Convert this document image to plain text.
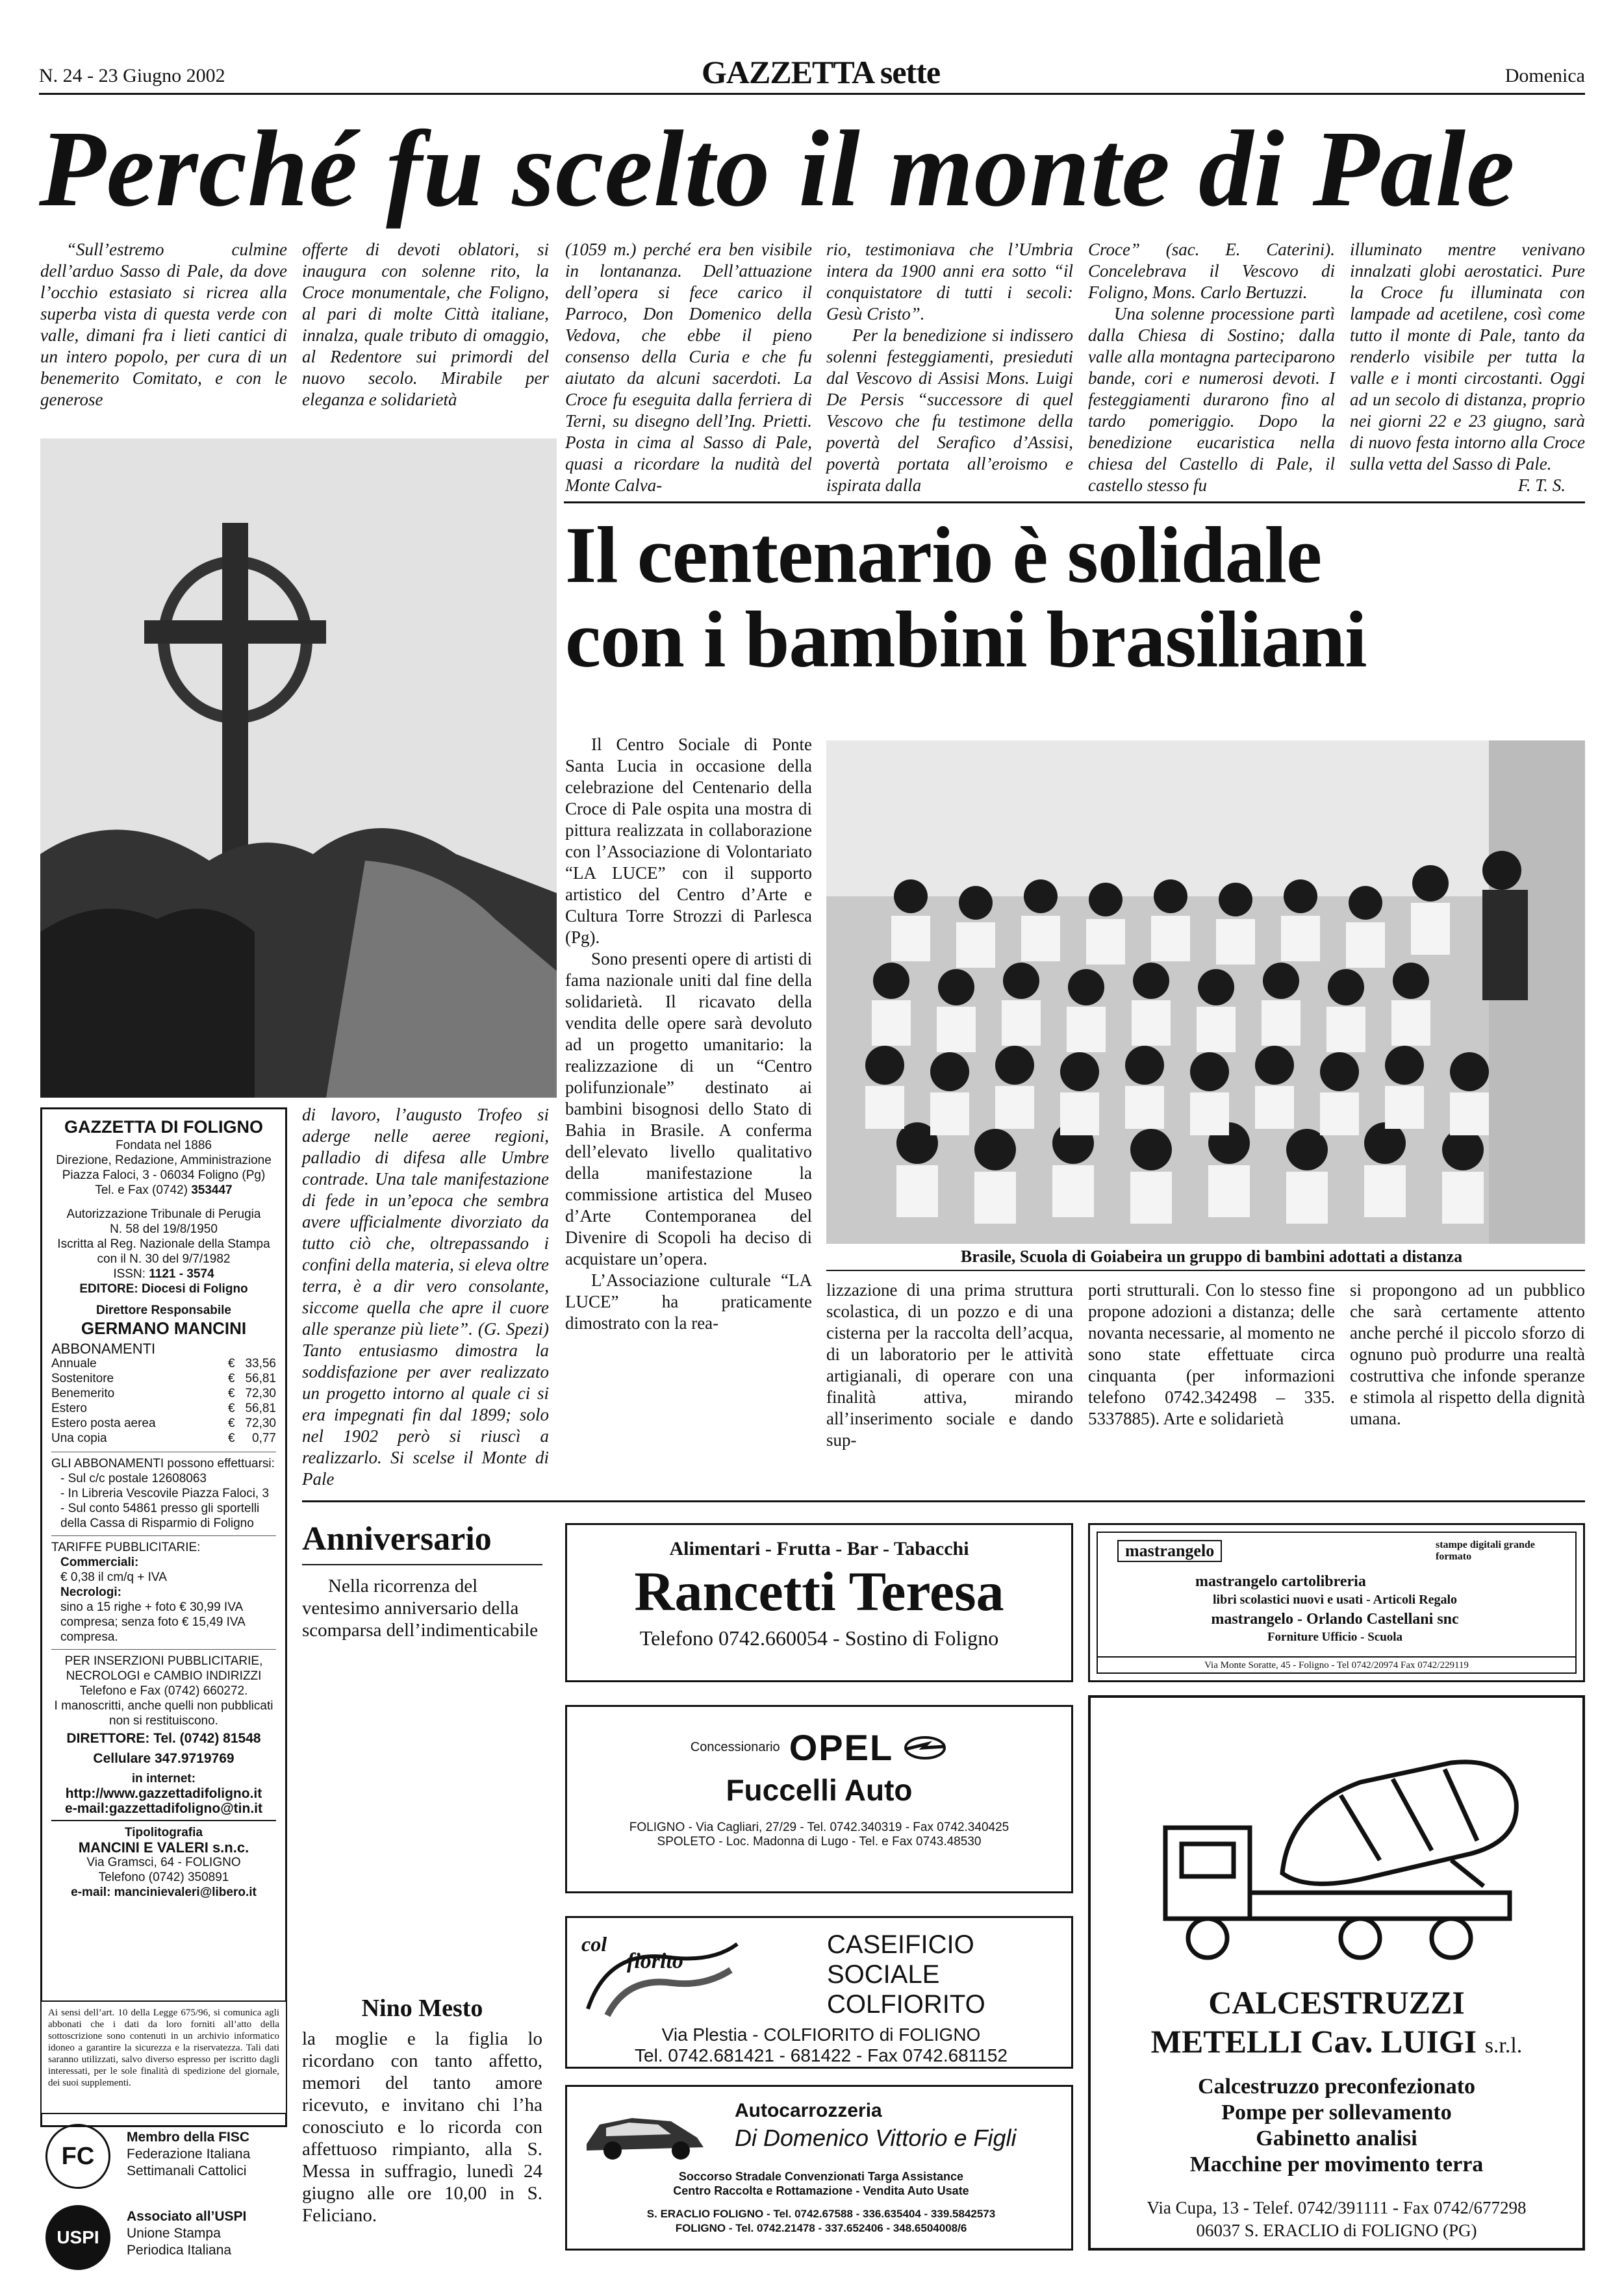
N. 24 - 23 Giugno 2002	GAZZETTA sette	Domenica
Perché fu scelto il monte di Pale
“Sull’estremo culmine dell’arduo Sasso di Pale, da dove l’occhio estasiato si ricrea alla superba vista di questa verde con valle, dimani fra i lieti cantici di un intero popolo, per cura di un benemerito Comitato, e con le generose
offerte di devoti oblatori, si inaugura con solenne rito, la Croce monumentale, che Foligno, al pari di molte Città italiane, innalza, quale tributo di omaggio, al Redentore sui primordi del nuovo secolo. Mirabile per eleganza e solidarietà
(1059 m.) perché era ben visibile in lontananza. Dell’attuazione dell’opera si fece carico il Parroco, Don Domenico della Vedova, che ebbe il pieno consenso della Curia e che fu aiutato da alcuni sacerdoti. La Croce fu eseguita dalla ferriera di Terni, su disegno dell’Ing. Prietti. Posta in cima al Sasso di Pale, quasi a ricordare la nudità del Monte Calva-
rio, testimoniava che l’Umbria intera da 1900 anni era sotto “il conquistatore di tutti i secoli: Gesù Cristo”.

Per la benedizione si indissero solenni festeggiamenti, presieduti dal Vescovo di Assisi Mons. Luigi De Persis “successore di quel Vescovo che fu testimone della povertà del Serafico d’Assisi, povertà portata all’eroismo e ispirata dalla
Croce” (sac. E. Caterini). Concelebrava il Vescovo di Foligno, Mons. Carlo Bertuzzi.

Una solenne processione partì dalla Chiesa di Sostino; dalla valle alla montagna parteciparono bande, cori e numerosi devoti. I festeggiamenti durarono fino al tardo pomeriggio. Dopo la benedizione eucaristica nella chiesa del Castello di Pale, il castello stesso fu
illuminato mentre venivano innalzati globi aerostatici. Pure la Croce fu illuminata con lampade ad acetilene, così come tutto il monte di Pale, tanto da renderlo visibile per tutta la valle e i monti circostanti. Oggi ad un secolo di distanza, proprio nei giorni 22 e 23 giugno, sarà di nuovo festa intorno alla Croce sulla vetta del Sasso di Pale.
F. T. S.
Il centenario è solidale
con i bambini brasiliani
Il Centro Sociale di Ponte Santa Lucia in occasione della celebrazione del Centenario della Croce di Pale ospita una mostra di pittura realizzata in collaborazione con l’Associazione di Volontariato “LA LUCE” con il supporto artistico del Centro d’Arte e Cultura Torre Strozzi di Parlesca (Pg).
Sono presenti opere di artisti di fama nazionale uniti dal fine della solidarietà. Il ricavato della vendita delle opere sarà devoluto ad un progetto umanitario: la realizzazione di un “Centro polifunzionale” destinato ai bambini bisognosi dello Stato di Bahia in Brasile. A conferma dell’elevato livello qualitativo della manifestazione la commissione artistica del Museo d’Arte Contemporanea del Divenire di Scopoli ha deciso di acquistare un’opera.
L’Associazione culturale “LA LUCE” ha praticamente dimostrato con la rea-
Brasile, Scuola di Goiabeira un gruppo di bambini adottati a distanza
lizzazione di una prima struttura scolastica, di un pozzo e di una cisterna per la raccolta dell’acqua, di un laboratorio per le attività artigianali, di operare con una finalità attiva, mirando all’inserimento sociale e dando sup-
porti strutturali. Con lo stesso fine propone adozioni a distanza; delle novanta necessarie, al momento ne sono state effettuate circa cinquanta (per informazioni telefono 0742.342498 – 335. 5337885). Arte e solidarietà
si propongono ad un pubblico che sarà certamente attento anche perché il piccolo sforzo di ognuno può produrre una realtà costruttiva che infonde speranze e stimola al rispetto della dignità umana.
di lavoro, l’augusto Trofeo si aderge nelle aeree regioni, palladio di difesa alle Umbre contrade. Una tale manifestazione di fede in un’epoca che sembra avere ufficialmente divorziato da tutto ciò che, oltrepassando i confini della materia, si eleva oltre terra, è a dir vero consolante, siccome quella che apre il cuore alle speranze più liete”. (G. Spezi) Tanto entusiasmo dimostra la soddisfazione per aver realizzato un progetto intorno al quale ci si era impegnati fin dal 1899; solo nel 1902 però si riuscì a realizzarlo. Si scelse il Monte di Pale
GAZZETTA DI FOLIGNO
Fondata nel 1886
Direzione, Redazione, Amministrazione
Piazza Faloci, 3 - 06034 Foligno (Pg)
Tel. e Fax (0742) 353447
Autorizzazione Tribunale di Perugia
N. 58 del 19/8/1950
Iscritta al Reg. Nazionale della Stampa
con il N. 30 del 9/7/1982
ISSN: 1121 - 3574
EDITORE: Diocesi di Foligno
Direttore Responsabile
GERMANO MANCINI
ABBONAMENTI
Annuale	€   33,56
Sostenitore	€   56,81
Benemerito	€   72,30
Estero	€   56,81
Estero posta aerea	€   72,30
Una copia	€     0,77
GLI ABBONAMENTI possono effettuarsi:
- Sul c/c postale 12608063
- In Libreria Vescovile Piazza Faloci, 3
- Sul conto 54861 presso gli sportelli della Cassa di Risparmio di Foligno
TARIFFE PUBBLICITARIE:
Commerciali:
€ 0,38 il cm/q + IVA
Necrologi:
sino a 15 righe + foto € 30,99 IVA compresa; senza foto € 15,49 IVA compresa.
PER INSERZIONI PUBBLICITARIE, NECROLOGI e CAMBIO INDIRIZZI
Telefono e Fax (0742) 660272.
I manoscritti, anche quelli non pubblicati non si restituiscono.
DIRETTORE: Tel. (0742) 81548
Cellulare 347.9719769
in internet:
http://www.gazzettadifoligno.it
e-mail:gazzettadifoligno@tin.it
Tipolitografia
MANCINI E VALERI s.n.c.
Via Gramsci, 64 - FOLIGNO
Telefono (0742) 350891
e-mail: mancinievaleri@libero.it
Ai sensi dell’art. 10 della Legge 675/96, si comunica agli abbonati che i dati da loro forniti all’atto della sottoscrizione sono contenuti in un archivio informatico idoneo a garantire la sicurezza e la riservatezza. Tali dati saranno utilizzati, salvo diverso espresso per iscritto dagli interessati, per le sole finalità di spedizione del giornale, dei suoi supplementi.
FC
Membro della FISC
Federazione Italiana
Settimanali Cattolici
USPI
Associato all’USPI
Unione Stampa
Periodica Italiana
Anniversario
Nella ricorrenza del ventesimo anniversario della scomparsa dell’indimenticabile
Nino Mesto
la moglie e la figlia lo ricordano con tanto affetto, memori del tanto amore ricevuto, e invitano chi l’ha conosciuto e lo ricorda con affettuoso rimpianto, alla S. Messa in suffragio, lunedì 24 giugno alle ore 10,00 in S. Feliciano.
Alimentari - Frutta - Bar - Tabacchi
Rancetti Teresa
Telefono 0742.660054 - Sostino di Foligno
Concessionario OPEL
Fuccelli Auto
FOLIGNO - Via Cagliari, 27/29 - Tel. 0742.340319 - Fax 0742.340425
SPOLETO - Loc. Madonna di Lugo - Tel. e Fax 0743.48530
col
fiorito
CASEIFICIO
SOCIALE
COLFIORITO
Via Plestia - COLFIORITO di FOLIGNO
Tel. 0742.681421 - 681422 - Fax 0742.681152
Autocarrozzeria
Di Domenico Vittorio e Figli
Soccorso Stradale Convenzionati Targa Assistance
Centro Raccolta e Rottamazione - Vendita Auto Usate
S. ERACLIO FOLIGNO - Tel. 0742.67588 - 336.635404 - 339.5842573
FOLIGNO - Tel. 0742.21478 - 337.652406 - 348.6504008/6
mastrangelo	stampe digitali grande formato
mastrangelo cartolibreria
libri scolastici nuovi e usati - Articoli Regalo
mastrangelo - Orlando Castellani snc
Forniture Ufficio - Scuola
Via Monte Soratte, 45 - Foligno - Tel 0742/20974 Fax 0742/229119
CALCESTRUZZI
METELLI Cav. LUIGI s.r.l.
Calcestruzzo preconfezionato
Pompe per sollevamento
Gabinetto analisi
Macchine per movimento terra
Via Cupa, 13 - Telef. 0742/391111 - Fax 0742/677298
06037 S. ERACLIO di FOLIGNO (PG)
